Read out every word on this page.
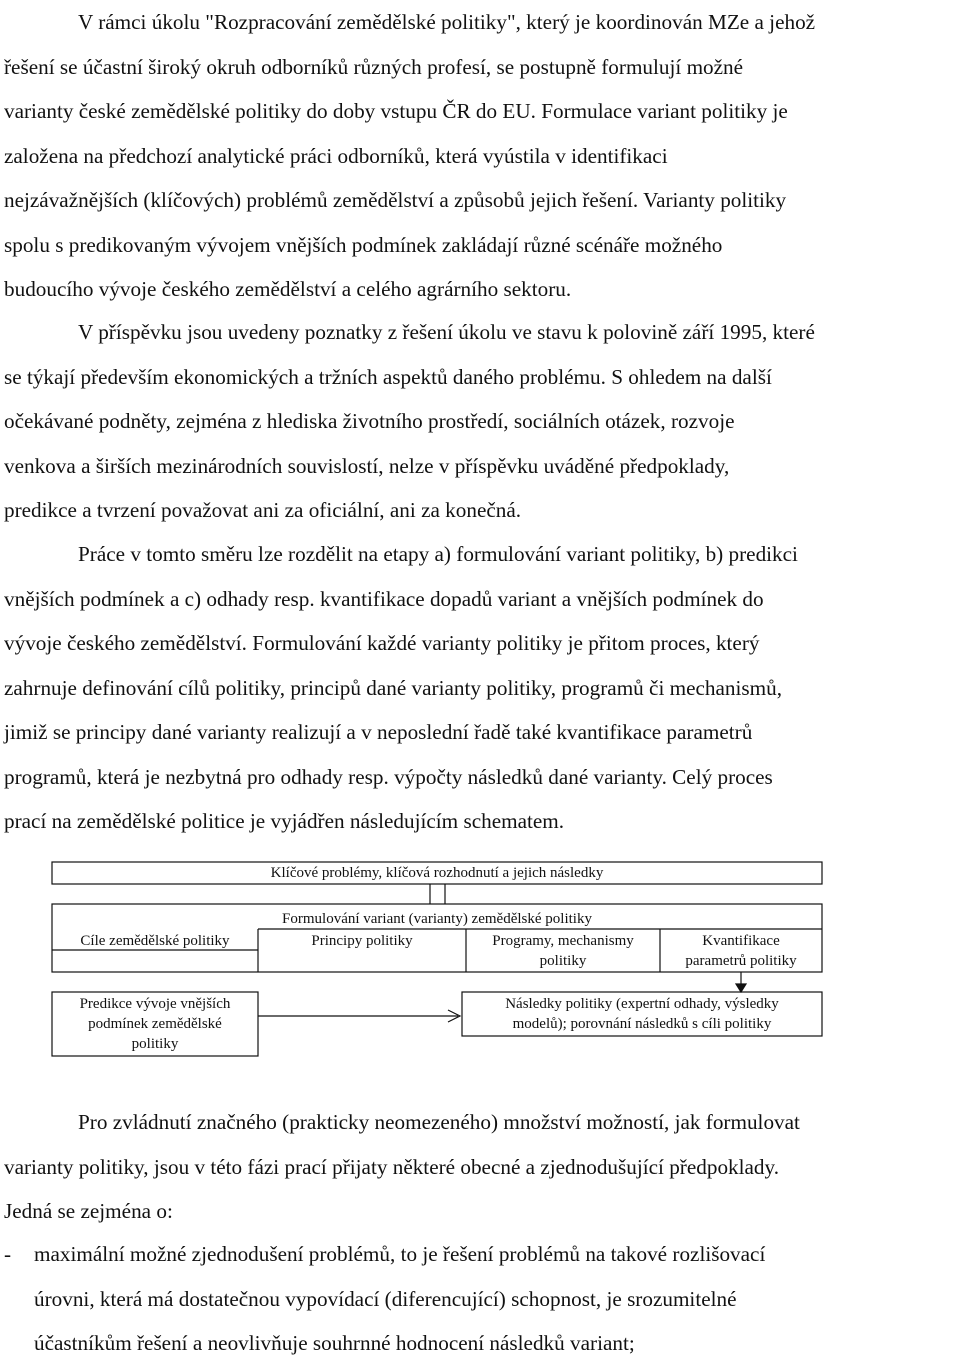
V rámci úkolu "Rozpracování zemědělské politiky", který je koordinován MZe a jehož
řešení se účastní široký okruh odborníků různých profesí, se postupně formulují možné
varianty české zemědělské politiky do doby vstupu ČR do EU. Formulace variant politiky je
založena na předchozí analytické práci odborníků, která vyústila v identifikaci
nejzávažnějších (klíčových) problémů zemědělství a způsobů jejich řešení. Varianty politiky
spolu s predikovaným vývojem vnějších podmínek zakládají různé scénáře možného
budoucího vývoje českého zemědělství a celého agrárního sektoru.
V příspěvku jsou uvedeny poznatky z řešení úkolu ve stavu k polovině září 1995, které
se týkají především ekonomických a tržních aspektů daného problému. S ohledem na další
očekávané podněty, zejména z hlediska životního prostředí, sociálních otázek, rozvoje
venkova a širších mezinárodních souvislostí, nelze v příspěvku uváděné předpoklady,
predikce a tvrzení považovat ani za oficiální, ani za konečná.
Práce v tomto směru lze rozdělit na etapy a) formulování variant politiky, b) predikci
vnějších podmínek a c) odhady resp. kvantifikace dopadů variant a vnějších podmínek do
vývoje českého zemědělství. Formulování každé varianty politiky je přitom proces, který
zahrnuje definování cílů politiky, principů dané varianty politiky, programů či mechanismů,
jimiž se principy dané varianty realizují a v neposlední řadě také kvantifikace parametrů
programů, která je nezbytná pro odhady resp. výpočty následků dané varianty. Celý proces
prací na zemědělské politice je vyjádřen následujícím schematem.
Klíčové problémy, klíčová rozhodnutí a jejich následky
Formulování variant (varianty) zemědělské politiky
Cíle zemědělské politiky	Principy politiky	Programy, mechanismy
politiky
Kvantifikace
parametrů politiky
Predikce vývoje vnějších
podmínek zemědělské
politiky
Následky politiky (expertní odhady, výsledky
modelů); porovnání následků s cíli politiky
Pro zvládnutí značného (prakticky neomezeného) množství možností, jak formulovat
varianty politiky, jsou v této fázi prací přijaty některé obecné a zjednodušující předpoklady.
Jedná se zejména o:
- maximální možné zjednodušení problémů, to je řešení problémů na takové rozlišovací
úrovni, která má dostatečnou vypovídací (diferencující) schopnost, je srozumitelné
účastníkům řešení a neovlivňuje souhrnné hodnocení následků variant;
